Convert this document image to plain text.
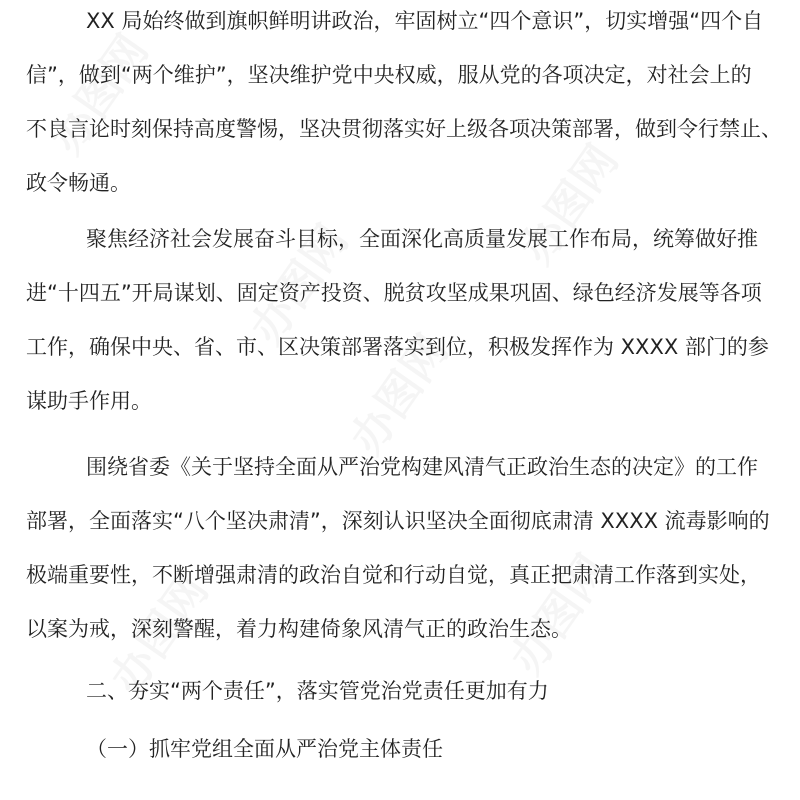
办图网
办图网
办图网
办图网
办图网
办图网
XX 局始终做到旗帜鲜明讲政治，牢固树立“四个意识”，切实增强“四个自
信”，做到“两个维护”，坚决维护党中央权威，服从党的各项决定，对社会上的
不良言论时刻保持高度警惕，坚决贯彻落实好上级各项决策部署，做到令行禁止、
政令畅通。
聚焦经济社会发展奋斗目标，全面深化高质量发展工作布局，统筹做好推
进“十四五”开局谋划、固定资产投资、脱贫攻坚成果巩固、绿色经济发展等各项
工作，确保中央、省、市、区决策部署落实到位，积极发挥作为 XXXX 部门的参
谋助手作用。
围绕省委《关于坚持全面从严治党构建风清气正政治生态的决定》的工作
部署，全面落实“八个坚决肃清”，深刻认识坚决全面彻底肃清 XXXX 流毒影响的
极端重要性，不断增强肃清的政治自觉和行动自觉，真正把肃清工作落到实处，
以案为戒，深刻警醒，着力构建倚象风清气正的政治生态。
二、夯实“两个责任”，落实管党治党责任更加有力
（一）抓牢党组全面从严治党主体责任
